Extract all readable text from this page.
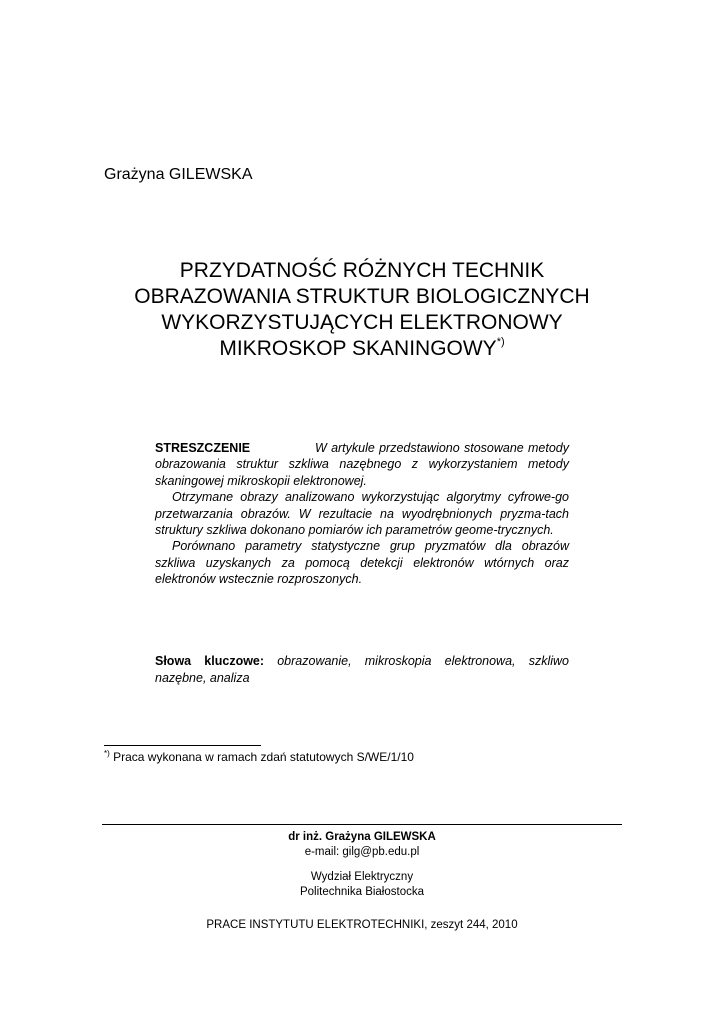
Grażyna GILEWSKA
PRZYDATNOŚĆ RÓŻNYCH TECHNIK
OBRAZOWANIA STRUKTUR BIOLOGICZNYCH
WYKORZYSTUJĄCYCH ELEKTRONOWY
MIKROSKOP SKANINGOWY*)

STRESZCZENIE	W artykule przedstawiono stosowane metody obrazowania struktur szkliwa nazębnego z wykorzystaniem metody skaningowej mikroskopii elektronowej.

Otrzymane obrazy analizowano wykorzystując algorytmy cyfrowe-go przetwarzania obrazów. W rezultacie na wyodrębnionych pryzma-tach struktury szkliwa dokonano pomiarów ich parametrów geome-trycznych.

Porównano parametry statystyczne grup pryzmatów dla obrazów szkliwa uzyskanych za pomocą detekcji elektronów wtórnych oraz elektronów wstecznie rozproszonych.

Słowa kluczowe: obrazowanie, mikroskopia elektronowa, szkliwo nazębne, analiza

*) Praca wykonana w ramach zdań statutowych S/WE/1/10

dr inż. Grażyna GILEWSKA
e-mail: gilg@pb.edu.pl
Wydział Elektryczny
Politechnika Białostocka

PRACE INSTYTUTU ELEKTROTECHNIKI, zeszyt 244, 2010
